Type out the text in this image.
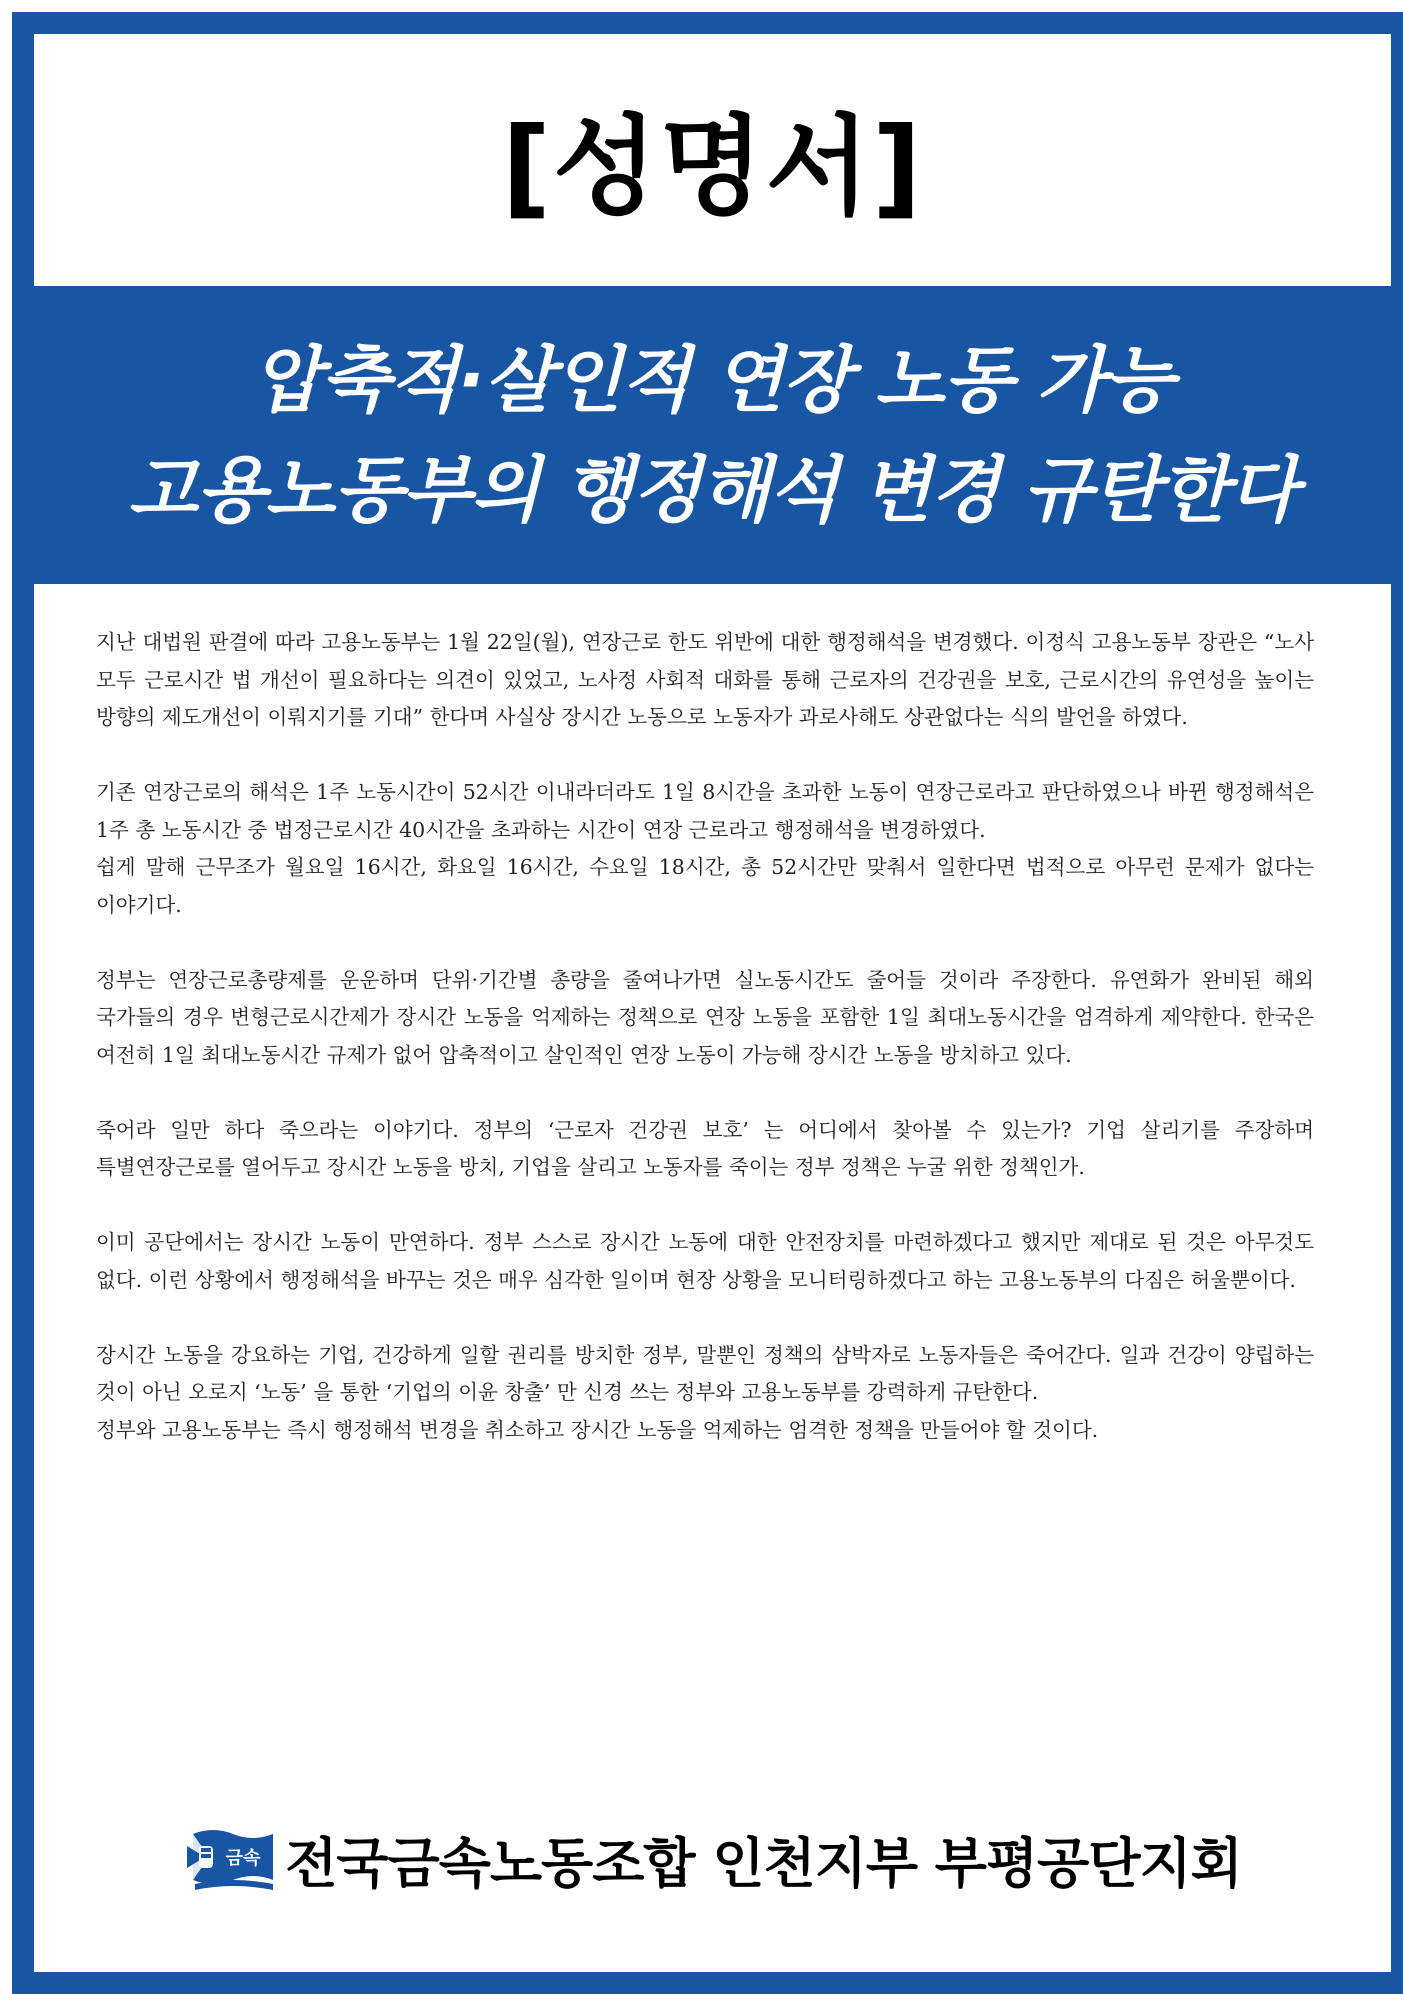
[성명서]
압축적·살인적 연장 노동 가능
고용노동부의 행정해석 변경 규탄한다

지난 대법원 판결에 따라 고용노동부는 1월 22일(월), 연장근로 한도 위반에 대한 행정해석을 변경했다. 이정식 고용노동부 장관은 “노사 모두 근로시간 법 개선이 필요하다는 의견이 있었고, 노사정 사회적 대화를 통해 근로자의 건강권을 보호, 근로시간의 유연성을 높이는 방향의 제도개선이 이뤄지기를 기대” 한다며 사실상 장시간 노동으로 노동자가 과로사해도 상관없다는 식의 발언을 하였다.

기존 연장근로의 해석은 1주 노동시간이 52시간 이내라더라도 1일 8시간을 초과한 노동이 연장근로라고 판단하였으나 바뀐 행정해석은 1주 총 노동시간 중 법정근로시간 40시간을 초과하는 시간이 연장 근로라고 행정해석을 변경하였다.

쉽게 말해 근무조가 월요일 16시간, 화요일 16시간, 수요일 18시간, 총 52시간만 맞춰서 일한다면 법적으로 아무런 문제가 없다는 이야기다.

정부는 연장근로총량제를 운운하며 단위·기간별 총량을 줄여나가면 실노동시간도 줄어들 것이라 주장한다. 유연화가 완비된 해외 국가들의 경우 변형근로시간제가 장시간 노동을 억제하는 정책으로 연장 노동을 포함한 1일 최대노동시간을 엄격하게 제약한다. 한국은 여전히 1일 최대노동시간 규제가 없어 압축적이고 살인적인 연장 노동이 가능해 장시간 노동을 방치하고 있다.

죽어라 일만 하다 죽으라는 이야기다. 정부의 ‘근로자 건강권 보호’ 는 어디에서 찾아볼 수 있는가? 기업 살리기를 주장하며 특별연장근로를 열어두고 장시간 노동을 방치, 기업을 살리고 노동자를 죽이는 정부 정책은 누굴 위한 정책인가.

이미 공단에서는 장시간 노동이 만연하다. 정부 스스로 장시간 노동에 대한 안전장치를 마련하겠다고 했지만 제대로 된 것은 아무것도 없다. 이런 상황에서 행정해석을 바꾸는 것은 매우 심각한 일이며 현장 상황을 모니터링하겠다고 하는 고용노동부의 다짐은 허울뿐이다.

장시간 노동을 강요하는 기업, 건강하게 일할 권리를 방치한 정부, 말뿐인 정책의 삼박자로 노동자들은 죽어간다. 일과 건강이 양립하는 것이 아닌 오로지 ‘노동’ 을 통한 ‘기업의 이윤 창출’ 만 신경 쓰는 정부와 고용노동부를 강력하게 규탄한다.

정부와 고용노동부는 즉시 행정해석 변경을 취소하고 장시간 노동을 억제하는 엄격한 정책을 만들어야 할 것이다.

금속 전국금속노동조합 인천지부 부평공단지회
